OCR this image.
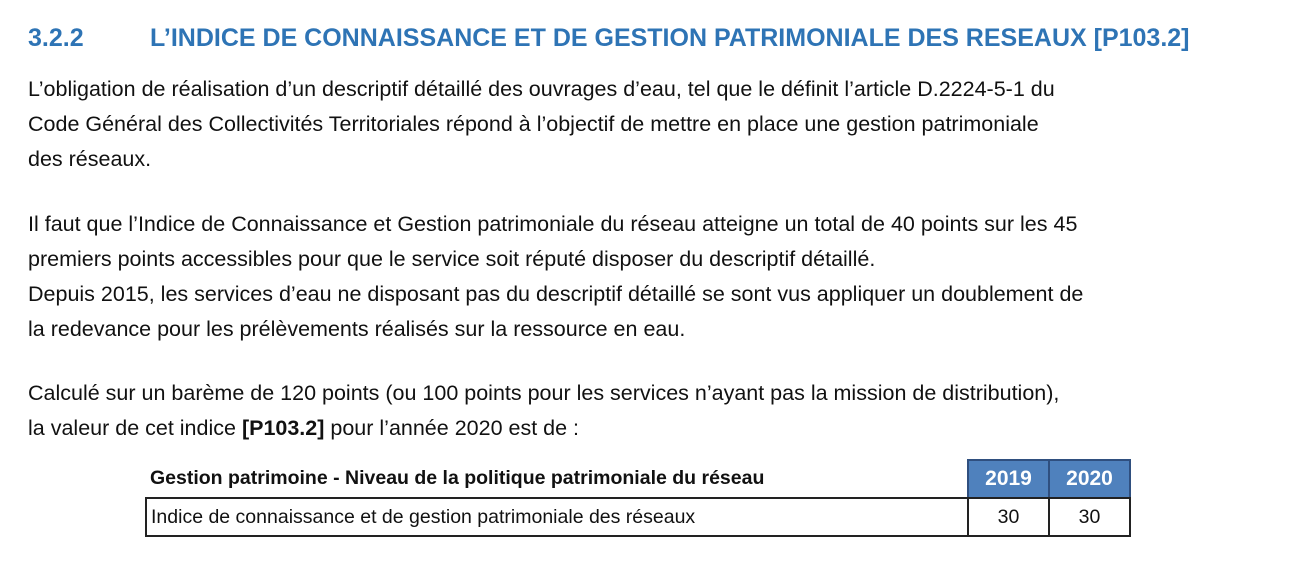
3.2.2	L’INDICE DE CONNAISSANCE ET DE GESTION PATRIMONIALE DES RESEAUX [P103.2]
L’obligation de réalisation d’un descriptif détaillé des ouvrages d’eau, tel que le définit l’article D.2224-5-1 du
Code Général des Collectivités Territoriales répond à l’objectif de mettre en place une gestion patrimoniale
des réseaux.
Il faut que l’Indice de Connaissance et Gestion patrimoniale du réseau atteigne un total de 40 points sur les 45
premiers points accessibles pour que le service soit réputé disposer du descriptif détaillé.
Depuis 2015, les services d’eau ne disposant pas du descriptif détaillé se sont vus appliquer un doublement de
la redevance pour les prélèvements réalisés sur la ressource en eau.
Calculé sur un barème de 120 points (ou 100 points pour les services n’ayant pas la mission de distribution),
la valeur de cet indice [P103.2] pour l’année 2020 est de :
Gestion patrimoine - Niveau de la politique patrimoniale du réseau	2019	2020
Indice de connaissance et de gestion patrimoniale des réseaux	30	30
